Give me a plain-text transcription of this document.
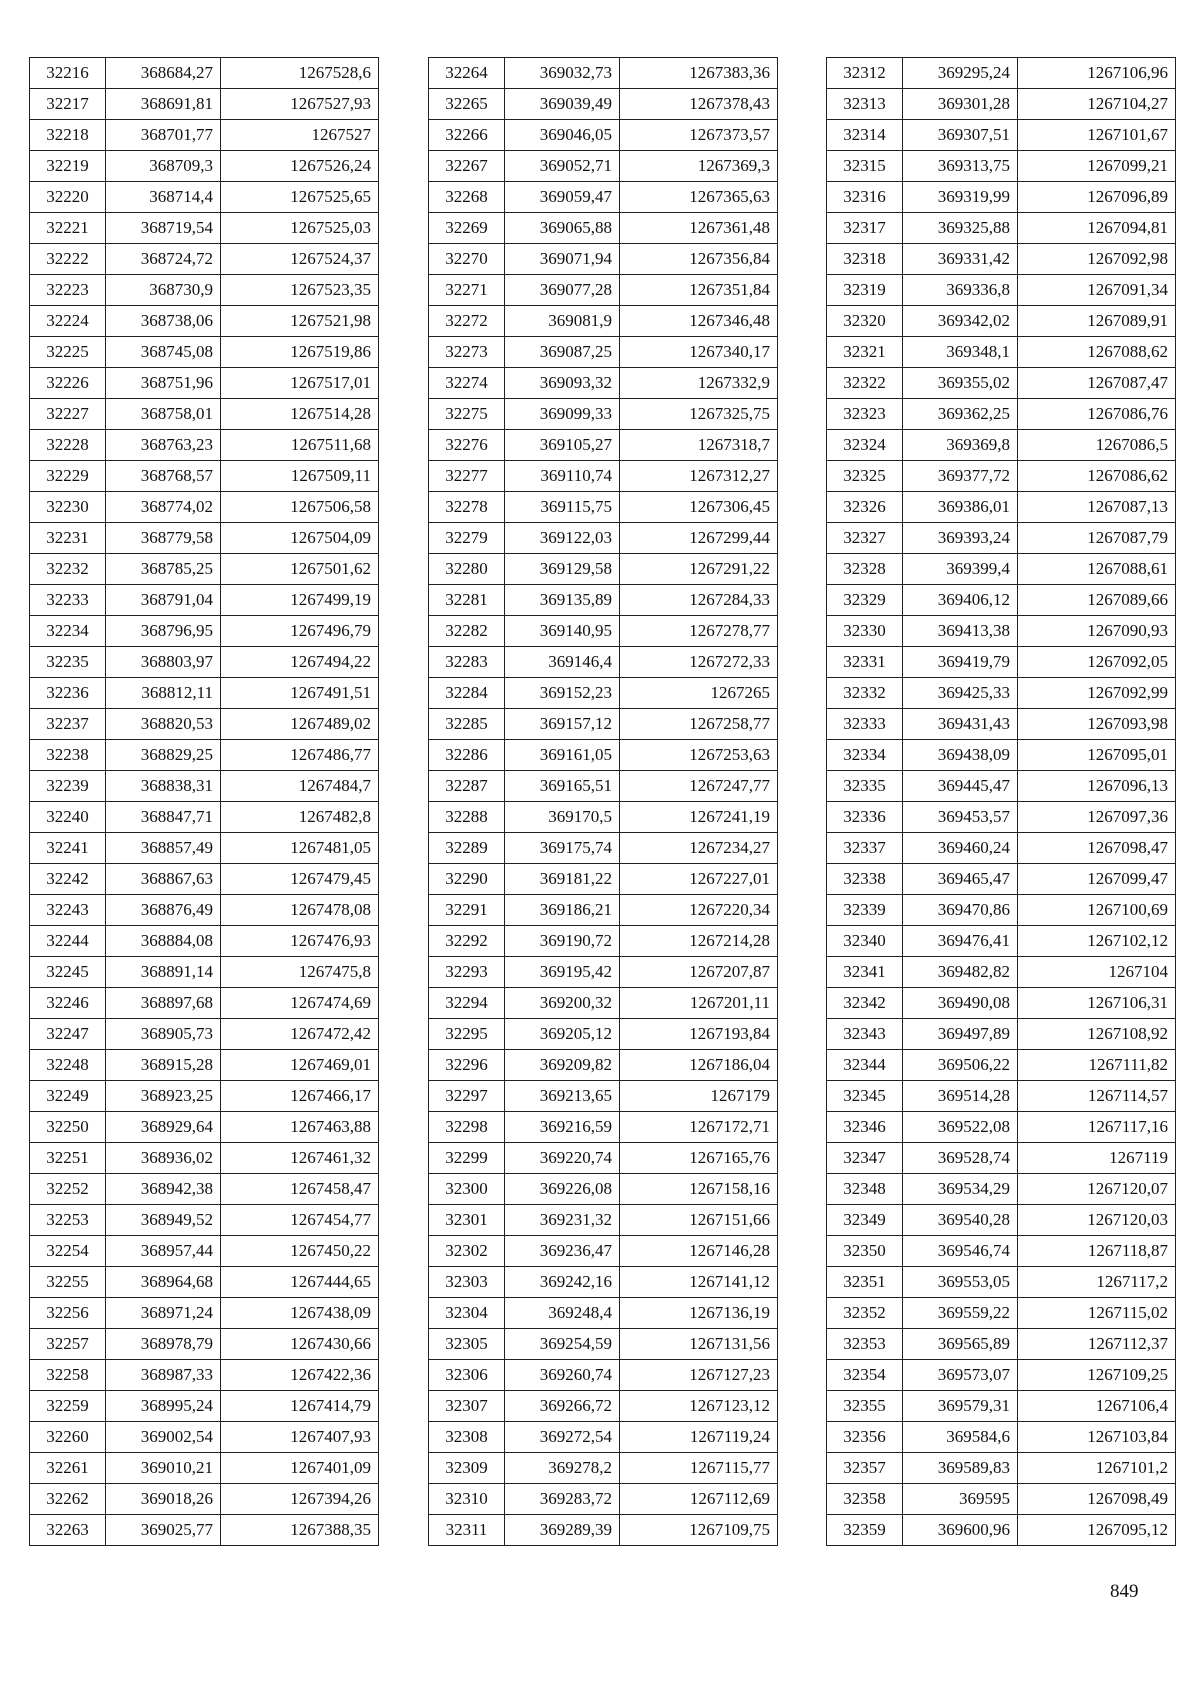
32216	368684,27	1267528,6
32217	368691,81	1267527,93
32218	368701,77	1267527
32219	368709,3	1267526,24
32220	368714,4	1267525,65
32221	368719,54	1267525,03
32222	368724,72	1267524,37
32223	368730,9	1267523,35
32224	368738,06	1267521,98
32225	368745,08	1267519,86
32226	368751,96	1267517,01
32227	368758,01	1267514,28
32228	368763,23	1267511,68
32229	368768,57	1267509,11
32230	368774,02	1267506,58
32231	368779,58	1267504,09
32232	368785,25	1267501,62
32233	368791,04	1267499,19
32234	368796,95	1267496,79
32235	368803,97	1267494,22
32236	368812,11	1267491,51
32237	368820,53	1267489,02
32238	368829,25	1267486,77
32239	368838,31	1267484,7
32240	368847,71	1267482,8
32241	368857,49	1267481,05
32242	368867,63	1267479,45
32243	368876,49	1267478,08
32244	368884,08	1267476,93
32245	368891,14	1267475,8
32246	368897,68	1267474,69
32247	368905,73	1267472,42
32248	368915,28	1267469,01
32249	368923,25	1267466,17
32250	368929,64	1267463,88
32251	368936,02	1267461,32
32252	368942,38	1267458,47
32253	368949,52	1267454,77
32254	368957,44	1267450,22
32255	368964,68	1267444,65
32256	368971,24	1267438,09
32257	368978,79	1267430,66
32258	368987,33	1267422,36
32259	368995,24	1267414,79
32260	369002,54	1267407,93
32261	369010,21	1267401,09
32262	369018,26	1267394,26
32263	369025,77	1267388,35
32264	369032,73	1267383,36
32265	369039,49	1267378,43
32266	369046,05	1267373,57
32267	369052,71	1267369,3
32268	369059,47	1267365,63
32269	369065,88	1267361,48
32270	369071,94	1267356,84
32271	369077,28	1267351,84
32272	369081,9	1267346,48
32273	369087,25	1267340,17
32274	369093,32	1267332,9
32275	369099,33	1267325,75
32276	369105,27	1267318,7
32277	369110,74	1267312,27
32278	369115,75	1267306,45
32279	369122,03	1267299,44
32280	369129,58	1267291,22
32281	369135,89	1267284,33
32282	369140,95	1267278,77
32283	369146,4	1267272,33
32284	369152,23	1267265
32285	369157,12	1267258,77
32286	369161,05	1267253,63
32287	369165,51	1267247,77
32288	369170,5	1267241,19
32289	369175,74	1267234,27
32290	369181,22	1267227,01
32291	369186,21	1267220,34
32292	369190,72	1267214,28
32293	369195,42	1267207,87
32294	369200,32	1267201,11
32295	369205,12	1267193,84
32296	369209,82	1267186,04
32297	369213,65	1267179
32298	369216,59	1267172,71
32299	369220,74	1267165,76
32300	369226,08	1267158,16
32301	369231,32	1267151,66
32302	369236,47	1267146,28
32303	369242,16	1267141,12
32304	369248,4	1267136,19
32305	369254,59	1267131,56
32306	369260,74	1267127,23
32307	369266,72	1267123,12
32308	369272,54	1267119,24
32309	369278,2	1267115,77
32310	369283,72	1267112,69
32311	369289,39	1267109,75
32312	369295,24	1267106,96
32313	369301,28	1267104,27
32314	369307,51	1267101,67
32315	369313,75	1267099,21
32316	369319,99	1267096,89
32317	369325,88	1267094,81
32318	369331,42	1267092,98
32319	369336,8	1267091,34
32320	369342,02	1267089,91
32321	369348,1	1267088,62
32322	369355,02	1267087,47
32323	369362,25	1267086,76
32324	369369,8	1267086,5
32325	369377,72	1267086,62
32326	369386,01	1267087,13
32327	369393,24	1267087,79
32328	369399,4	1267088,61
32329	369406,12	1267089,66
32330	369413,38	1267090,93
32331	369419,79	1267092,05
32332	369425,33	1267092,99
32333	369431,43	1267093,98
32334	369438,09	1267095,01
32335	369445,47	1267096,13
32336	369453,57	1267097,36
32337	369460,24	1267098,47
32338	369465,47	1267099,47
32339	369470,86	1267100,69
32340	369476,41	1267102,12
32341	369482,82	1267104
32342	369490,08	1267106,31
32343	369497,89	1267108,92
32344	369506,22	1267111,82
32345	369514,28	1267114,57
32346	369522,08	1267117,16
32347	369528,74	1267119
32348	369534,29	1267120,07
32349	369540,28	1267120,03
32350	369546,74	1267118,87
32351	369553,05	1267117,2
32352	369559,22	1267115,02
32353	369565,89	1267112,37
32354	369573,07	1267109,25
32355	369579,31	1267106,4
32356	369584,6	1267103,84
32357	369589,83	1267101,2
32358	369595	1267098,49
32359	369600,96	1267095,12
849
